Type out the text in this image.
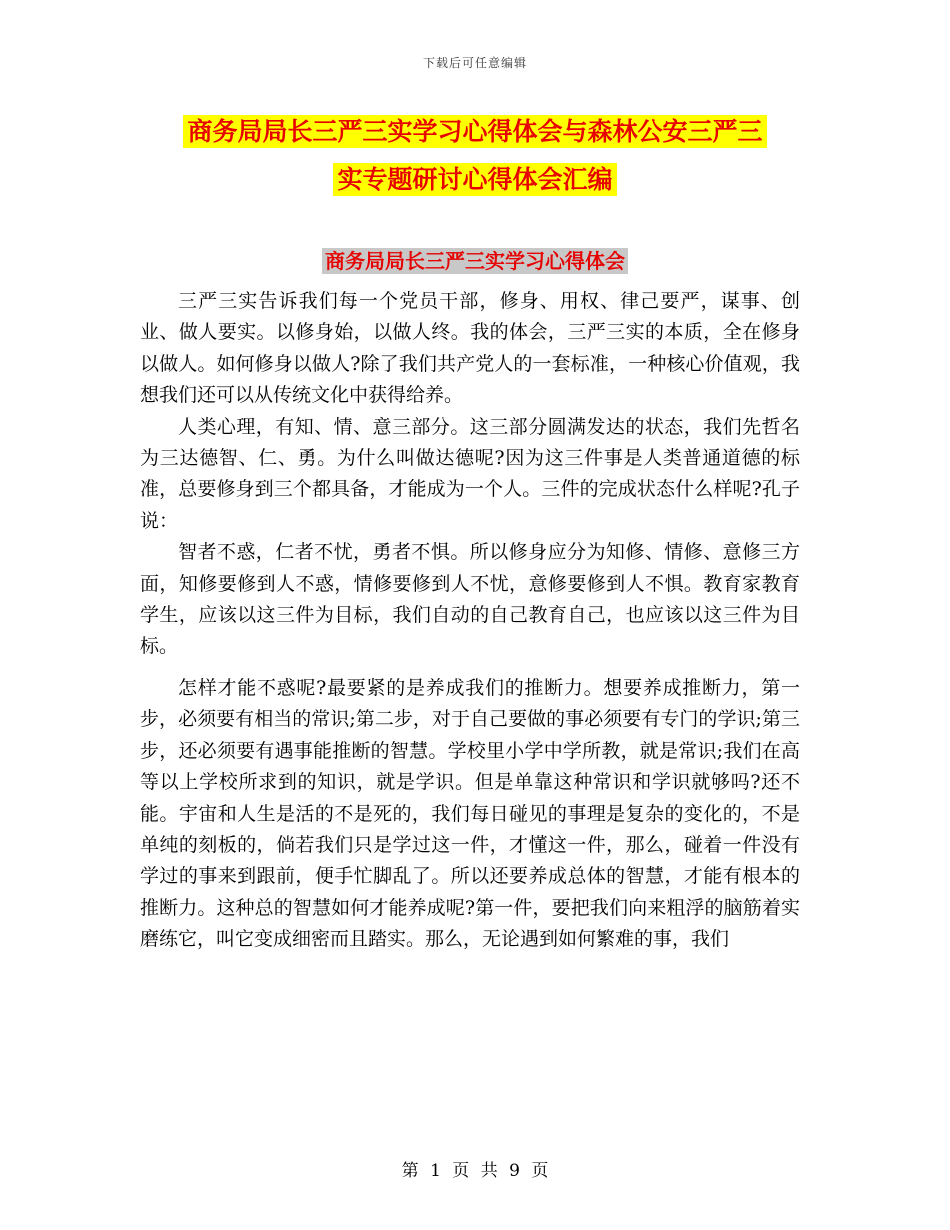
下载后可任意编辑
商务局局长三严三实学习心得体会与森林公安三严三
实专题研讨心得体会汇编
商务局局长三严三实学习心得体会

三严三实告诉我们每一个党员干部，修身、用权、律己要严，谋事、创业、做人要实。以修身始，以做人终。我的体会，三严三实的本质，全在修身以做人。如何修身以做人?除了我们共产党人的一套标准，一种核心价值观，我想我们还可以从传统文化中获得给养。

人类心理，有知、情、意三部分。这三部分圆满发达的状态，我们先哲名为三达德智、仁、勇。为什么叫做达德呢?因为这三件事是人类普通道德的标准，总要修身到三个都具备，才能成为一个人。三件的完成状态什么样呢?孔子说：

智者不惑，仁者不忧，勇者不惧。所以修身应分为知修、情修、意修三方面，知修要修到人不惑，情修要修到人不忧，意修要修到人不惧。教育家教育学生，应该以这三件为目标，我们自动的自己教育自己，也应该以这三件为目标。

怎样才能不惑呢?最要紧的是养成我们的推断力。想要养成推断力，第一步，必须要有相当的常识;第二步，对于自己要做的事必须要有专门的学识;第三步，还必须要有遇事能推断的智慧。学校里小学中学所教，就是常识;我们在高等以上学校所求到的知识，就是学识。但是单靠这种常识和学识就够吗?还不能。宇宙和人生是活的不是死的，我们每日碰见的事理是复杂的变化的，不是单纯的刻板的，倘若我们只是学过这一件，才懂这一件，那么，碰着一件没有学过的事来到跟前，便手忙脚乱了。所以还要养成总体的智慧，才能有根本的推断力。这种总的智慧如何才能养成呢?第一件，要把我们向来粗浮的脑筋着实磨练它，叫它变成细密而且踏实。那么，无论遇到如何繁难的事，我们

第 1 页 共 9 页
